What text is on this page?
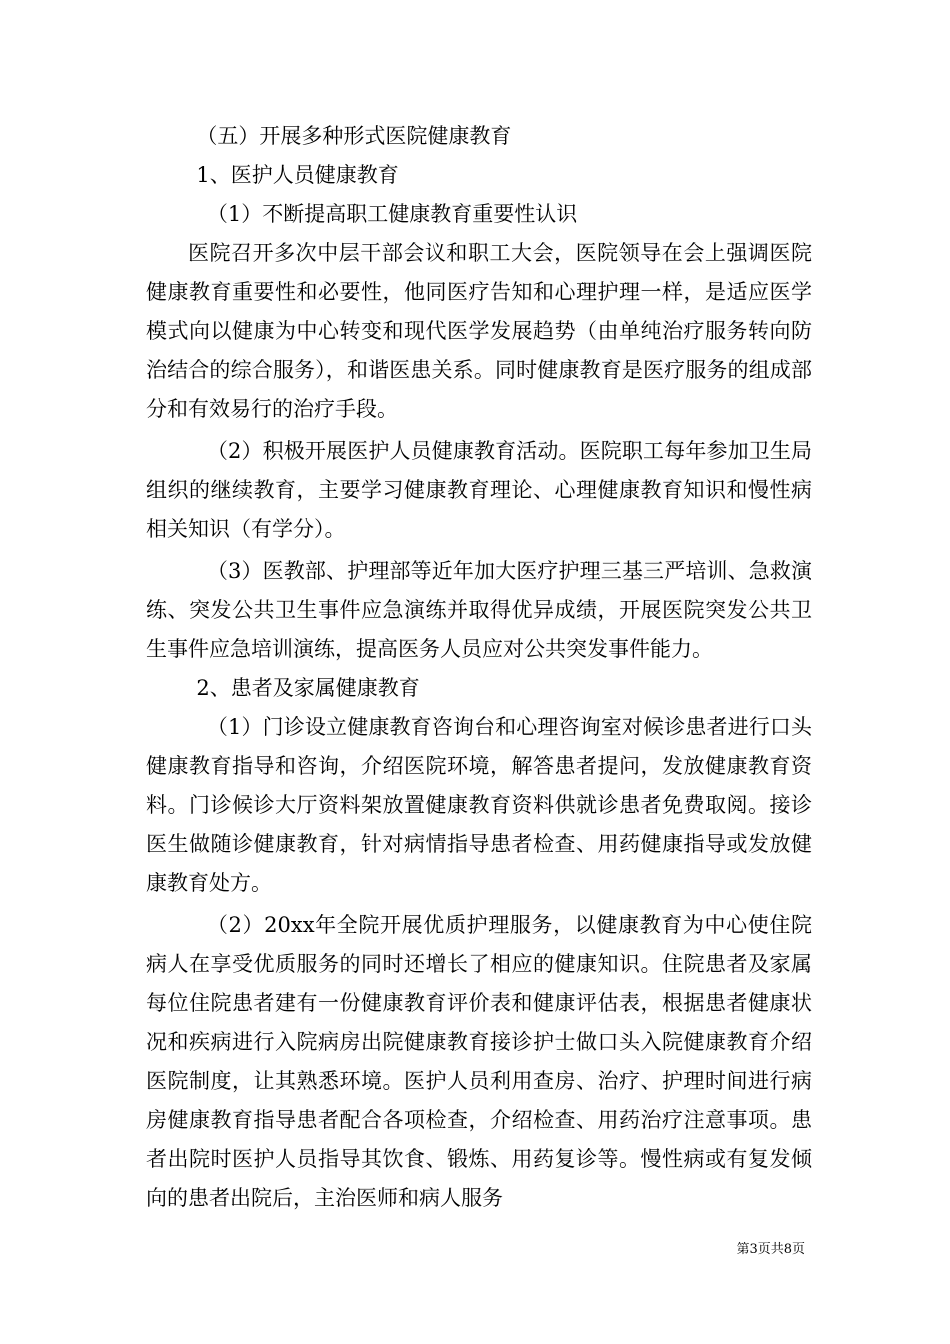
（五）开展多种形式医院健康教育

1、医护人员健康教育

（1）不断提高职工健康教育重要性认识

医院召开多次中层干部会议和职工大会，医院领导在会上强调医院健康教育重要性和必要性，他同医疗告知和心理护理一样，是适应医学模式向以健康为中心转变和现代医学发展趋势（由单纯治疗服务转向防治结合的综合服务），和谐医患关系。同时健康教育是医疗服务的组成部分和有效易行的治疗手段。

（2）积极开展医护人员健康教育活动。医院职工每年参加卫生局组织的继续教育，主要学习健康教育理论、心理健康教育知识和慢性病相关知识（有学分）。

（3）医教部、护理部等近年加大医疗护理三基三严培训、急救演练、突发公共卫生事件应急演练并取得优异成绩，开展医院突发公共卫生事件应急培训演练，提高医务人员应对公共突发事件能力。

2、患者及家属健康教育

（1）门诊设立健康教育咨询台和心理咨询室对候诊患者进行口头健康教育指导和咨询，介绍医院环境，解答患者提问，发放健康教育资料。门诊候诊大厅资料架放置健康教育资料供就诊患者免费取阅。接诊医生做随诊健康教育，针对病情指导患者检查、用药健康指导或发放健康教育处方。

（2）20xx年全院开展优质护理服务，以健康教育为中心使住院病人在享受优质服务的同时还增长了相应的健康知识。住院患者及家属每位住院患者建有一份健康教育评价表和健康评估表，根据患者健康状况和疾病进行入院病房出院健康教育接诊护士做口头入院健康教育介绍医院制度，让其熟悉环境。医护人员利用查房、治疗、护理时间进行病房健康教育指导患者配合各项检查，介绍检查、用药治疗注意事项。患者出院时医护人员指导其饮食、锻炼、用药复诊等。慢性病或有复发倾向的患者出院后，主治医师和病人服务

第3页共8页
